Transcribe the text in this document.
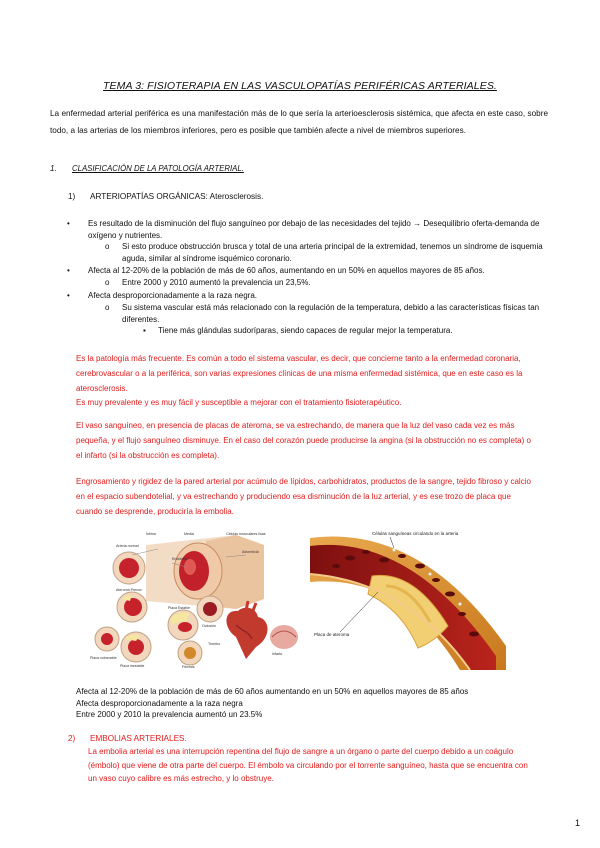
TEMA 3: FISIOTERAPIA EN LAS VASCULOPATÍAS PERIFÉRICAS ARTERIALES.
La enfermedad arterial periférica es una manifestación más de lo que sería la arterioesclerosis sistémica, que afecta en este caso, sobre todo, a las arterias de los miembros inferiores, pero es posible que también afecte a nivel de miembros superiores.
1. CLASIFICACIÓN DE LA PATOLOGÍA ARTERIAL.
1) ARTERIOPATÍAS ORGÁNICAS: Aterosclerosis.
• Es resultado de la disminución del flujo sanguíneo por debajo de las necesidades del tejido → Desequilibrio oferta-demanda de oxígeno y nutrientes.
o Si esto produce obstrucción brusca y total de una arteria principal de la extremidad, tenemos un síndrome de isquemia aguda, similar al síndrome isquémico coronario.
• Afecta al 12-20% de la población de más de 60 años, aumentando en un 50% en aquellos mayores de 85 años.
o Entre 2000 y 2010 aumentó la prevalencia un 23,5%.
• Afecta desproporcionadamente a la raza negra.
o Su sistema vascular está más relacionado con la regulación de la temperatura, debido a las características físicas tan diferentes.
▪ Tiene más glándulas sudoríparas, siendo capaces de regular mejor la temperatura.
Es la patología más frecuente. Es común a todo el sistema vascular, es decir, que concierne tanto a la enfermedad coronaria, cerebrovascular o a la periférica, son varias expresiones clínicas de una misma enfermedad sistémica, que en este caso es la aterosclerosis.
Es muy prevalente y es muy fácil y susceptible a mejorar con el tratamiento fisioterapéutico.
El vaso sanguíneo, en presencia de placas de ateroma, se va estrechando, de manera que la luz del vaso cada vez es más pequeña, y el flujo sanguíneo disminuye. En el caso del corazón puede producirse la angina (si la obstrucción no es completa) o el infarto (si la obstrucción es completa).
Engrosamiento y rigidez de la pared arterial por acúmulo de lípidos, carbohidratos, productos de la sangre, tejido fibroso y calcio en el espacio subendotelial, y va estrechando y produciendo esa disminución de la luz arterial, y es ese trozo de placa que cuando se desprende, produciría la embolia.
Íntima	Media	Células musculares lisas
Endotelio
Adventicia
Arteria normal
Ateroma Precoz
Placa Estable
Placa inestable
Placa vulnerable
Oclusión
Trombo
Fibrosis
Infarto
Células sanguíneas circulando en la arteria
Placa de ateroma
Afecta al 12-20% de la población de más de 60 años aumentando en un 50% en aquellos mayores de 85 años
Afecta desproporcionadamente a la raza negra
Entre 2000 y 2010 la prevalencia aumentó un 23.5%
2) EMBOLIAS ARTERIALES.
La embolia arterial es una interrupción repentina del flujo de sangre a un órgano o parte del cuerpo debido a un coágulo (émbolo) que viene de otra parte del cuerpo. El émbolo va circulando por el torrente sanguíneo, hasta que se encuentra con un vaso cuyo calibre es más estrecho, y lo obstruye.
1
